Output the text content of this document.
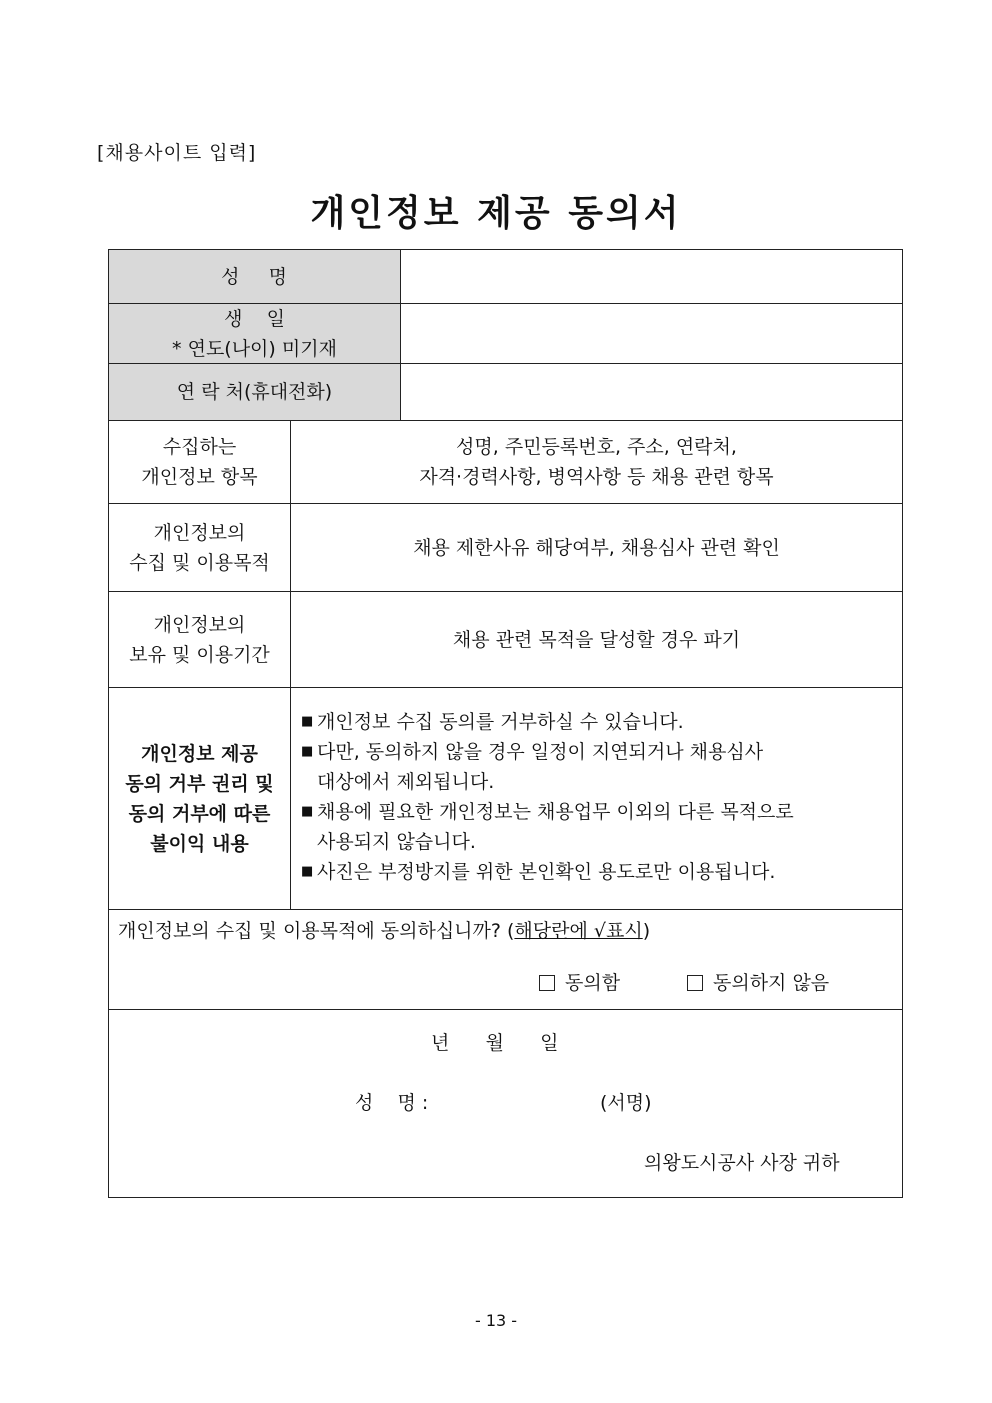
[채용사이트 입력]
개인정보 제공 동의서
성    명
생    일
* 연도(나이) 미기재
연 락 처(휴대전화)
수집하는
개인정보 항목
성명, 주민등록번호, 주소, 연락처,
자격·경력사항, 병역사항 등 채용 관련 항목
개인정보의
수집 및 이용목적
채용 제한사유 해당여부, 채용심사 관련 확인
개인정보의
보유 및 이용기간
채용 관련 목적을 달성할 경우 파기
개인정보 제공
동의 거부 권리 및
동의 거부에 따른
불이익 내용
■ 개인정보 수집 동의를 거부하실 수 있습니다.
■ 다만, 동의하지 않을 경우 일정이 지연되거나 채용심사
대상에서 제외됩니다.
■ 채용에 필요한 개인정보는 채용업무 이외의 다른 목적으로
사용되지 않습니다.
■ 사진은 부정방지를 위한 본인확인 용도로만 이용됩니다.
개인정보의 수집 및 이용목적에 동의하십니까? (해당란에 √표시)
동의함	동의하지 않음
년      월      일
성    명 :	(서명)
의왕도시공사 사장 귀하
- 13 -
